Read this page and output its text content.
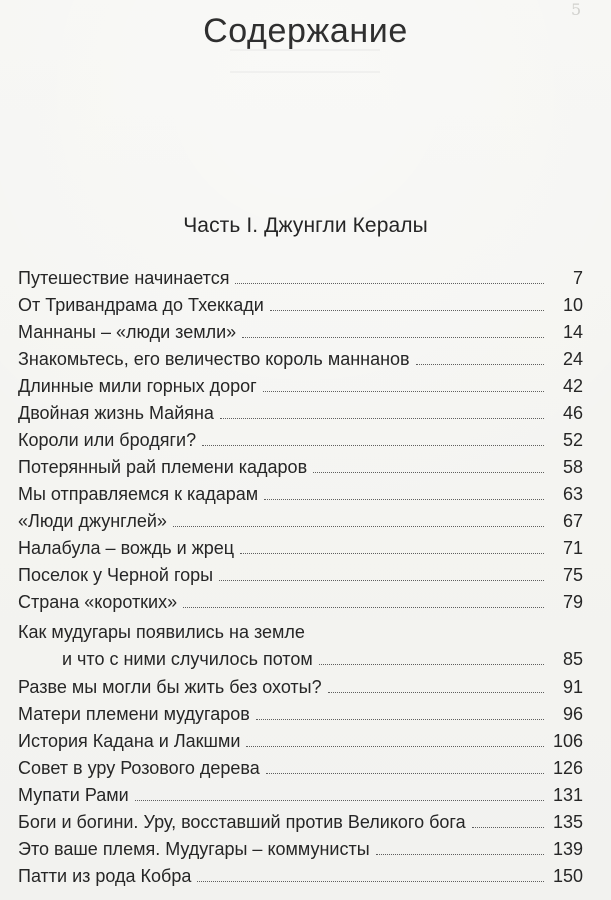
5
Содержание
Часть I. Джунгли Кералы
Путешествие начинается	7
От Тривандрама до Тхеккади	10
Маннаны – «люди земли»	14
Знакомьтесь, его величество король маннанов	24
Длинные мили горных дорог	42
Двойная жизнь Майяна	46
Короли или бродяги?	52
Потерянный рай племени кадаров	58
Мы отправляемся к кадарам	63
«Люди джунглей»	67
Налабула – вождь и жрец	71
Поселок у Черной горы	75
Страна «коротких»	79
Как мудугары появились на земле
и что с ними случилось потом	85
Разве мы могли бы жить без охоты?	91
Матери племени мудугаров	96
История Кадана и Лакшми	106
Совет в уру Розового дерева	126
Мупати Рами	131
Боги и богини. Уру, восставший против Великого бога	135
Это ваше племя. Мудугары – коммунисты	139
Патти из рода Кобра	150
